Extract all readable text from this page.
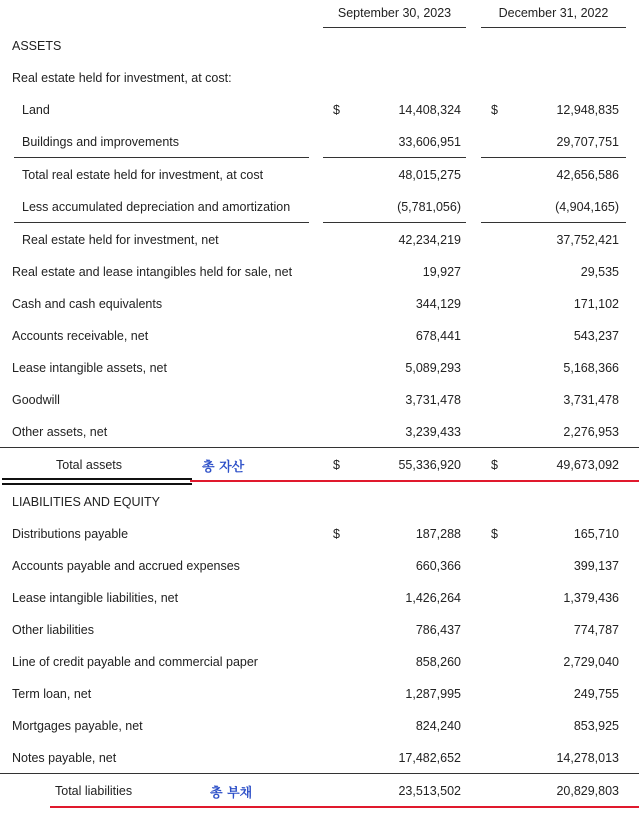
September 30, 2023	December 31, 2022
ASSETS
Real estate held for investment, at cost:
Land	$	14,408,324 $	12,948,835
Buildings and improvements	33,606,951	29,707,751
Total real estate held for investment, at cost	48,015,275	42,656,586
Less accumulated depreciation and amortization	(5,781,056)	(4,904,165)
Real estate held for investment, net	42,234,219	37,752,421
Real estate and lease intangibles held for sale, net	19,927	29,535
Cash and cash equivalents	344,129	171,102
Accounts receivable, net	678,441	543,237
Lease intangible assets, net	5,089,293	5,168,366
Goodwill	3,731,478	3,731,478
Other assets, net	3,239,433	2,276,953
Total assets	총 자산	$	55,336,920 $	49,673,092
LIABILITIES AND EQUITY
Distributions payable	$	187,288 $	165,710
Accounts payable and accrued expenses	660,366	399,137
Lease intangible liabilities, net	1,426,264	1,379,436
Other liabilities	786,437	774,787
Line of credit payable and commercial paper	858,260	2,729,040
Term loan, net	1,287,995	249,755
Mortgages payable, net	824,240	853,925
Notes payable, net	17,482,652	14,278,013
Total liabilities	총 부채	23,513,502	20,829,803
